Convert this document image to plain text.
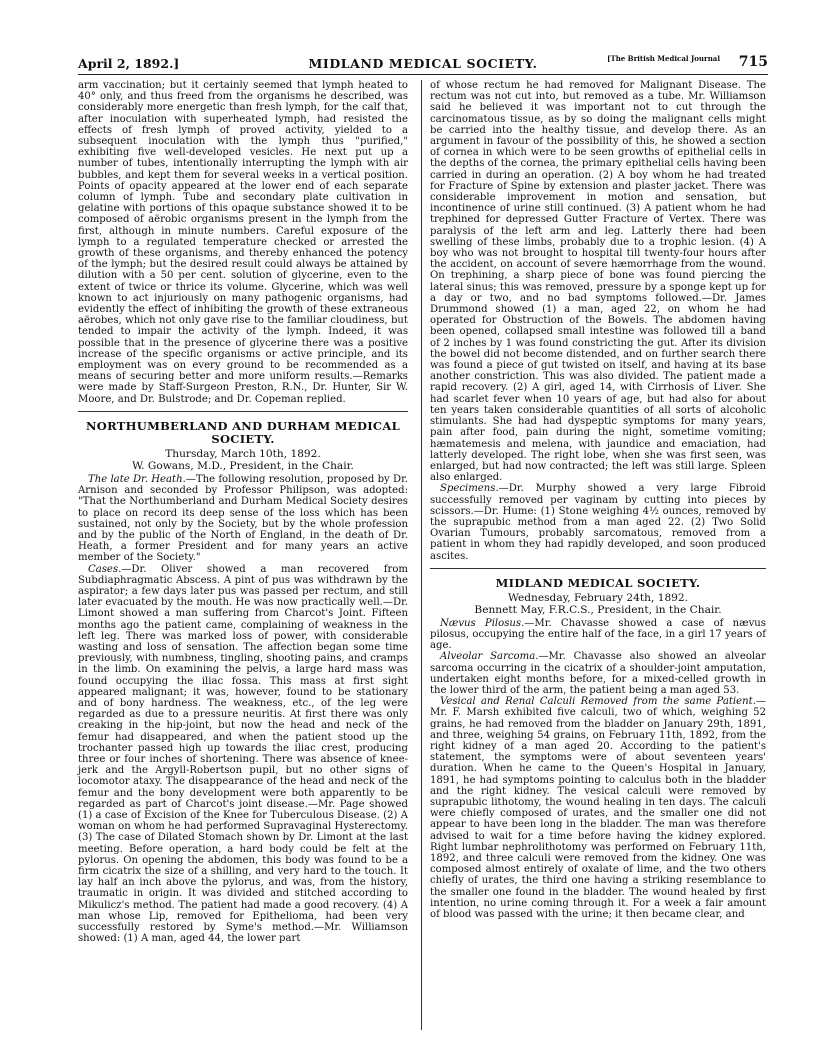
April 2, 1892.]	MIDLAND MEDICAL SOCIETY.	[The British Medical Journal 715

arm vaccination; but it certainly seemed that lymph heated to 40° only, and thus freed from the organisms he described, was considerably more energetic than fresh lymph, for the calf that, after inoculation with superheated lymph, had resisted the effects of fresh lymph of proved activity, yielded to a subsequent inoculation with the lymph thus "purified," exhibiting five well-developed vesicles. He next put up a number of tubes, intentionally interrupting the lymph with air bubbles, and kept them for several weeks in a vertical position. Points of opacity appeared at the lower end of each separate column of lymph. Tube and secondary plate cultivation in gelatine with portions of this opaque substance showed it to be composed of aërobic organisms present in the lymph from the first, although in minute numbers. Careful exposure of the lymph to a regulated temperature checked or arrested the growth of these organisms, and thereby enhanced the potency of the lymph; but the desired result could always be attained by dilution with a 50 per cent. solution of glycerine, even to the extent of twice or thrice its volume. Glycerine, which was well known to act injuriously on many pathogenic organisms, had evidently the effect of inhibiting the growth of these extraneous aërobes, which not only gave rise to the familiar cloudiness, but tended to impair the activity of the lymph. Indeed, it was possible that in the presence of glycerine there was a positive increase of the specific organisms or active principle, and its employment was on every ground to be recommended as a means of securing better and more uniform results.—Remarks were made by Staff-Surgeon Preston, R.N., Dr. Hunter, Sir W. Moore, and Dr. Bulstrode; and Dr. Copeman replied.

NORTHUMBERLAND AND DURHAM MEDICAL SOCIETY.
Thursday, March 10th, 1892.
W. Gowans, M.D., President, in the Chair.

The late Dr. Heath.—The following resolution, proposed by Dr. Arnison and seconded by Professor Philipson, was adopted: "That the Northumberland and Durham Medical Society desires to place on record its deep sense of the loss which has been sustained, not only by the Society, but by the whole profession and by the public of the North of England, in the death of Dr. Heath, a former President and for many years an active member of the Society."

Cases.—Dr. Oliver showed a man recovered from Subdiaphragmatic Abscess. A pint of pus was withdrawn by the aspirator; a few days later pus was passed per rectum, and still later evacuated by the mouth. He was now practically well.—Dr. Limont showed a man suffering from Charcot's Joint. Fifteen months ago the patient came, complaining of weakness in the left leg. There was marked loss of power, with considerable wasting and loss of sensation. The affection began some time previously, with numbness, tingling, shooting pains, and cramps in the limb. On examining the pelvis, a large hard mass was found occupying the iliac fossa. This mass at first sight appeared malignant; it was, however, found to be stationary and of bony hardness. The weakness, etc., of the leg were regarded as due to a pressure neuritis. At first there was only creaking in the hip-joint, but now the head and neck of the femur had disappeared, and when the patient stood up the trochanter passed high up towards the iliac crest, producing three or four inches of shortening. There was absence of knee-jerk and the Argyll-Robertson pupil, but no other signs of locomotor ataxy. The disappearance of the head and neck of the femur and the bony development were both apparently to be regarded as part of Charcot's joint disease.—Mr. Page showed (1) a case of Excision of the Knee for Tuberculous Disease. (2) A woman on whom he had performed Supravaginal Hysterectomy. (3) The case of Dilated Stomach shown by Dr. Limont at the last meeting. Before operation, a hard body could be felt at the pylorus. On opening the abdomen, this body was found to be a firm cicatrix the size of a shilling, and very hard to the touch. It lay half an inch above the pylorus, and was, from the history, traumatic in origin. It was divided and stitched according to Mikulicz's method. The patient had made a good recovery. (4) A man whose Lip, removed for Epithelioma, had been very successfully restored by Syme's method.—Mr. Williamson showed: (1) A man, aged 44, the lower part

of whose rectum he had removed for Malignant Disease. The rectum was not cut into, but removed as a tube. Mr. Williamson said he believed it was important not to cut through the carcinomatous tissue, as by so doing the malignant cells might be carried into the healthy tissue, and develop there. As an argument in favour of the possibility of this, he showed a section of cornea in which were to be seen growths of epithelial cells in the depths of the cornea, the primary epithelial cells having been carried in during an operation. (2) A boy whom he had treated for Fracture of Spine by extension and plaster jacket. There was considerable improvement in motion and sensation, but incontinence of urine still continued. (3) A patient whom he had trephined for depressed Gutter Fracture of Vertex. There was paralysis of the left arm and leg. Latterly there had been swelling of these limbs, probably due to a trophic lesion. (4) A boy who was not brought to hospital till twenty-four hours after the accident, on account of severe hæmorrhage from the wound. On trephining, a sharp piece of bone was found piercing the lateral sinus; this was removed, pressure by a sponge kept up for a day or two, and no bad symptoms followed.—Dr. James Drummond showed (1) a man, aged 22, on whom he had operated for Obstruction of the Bowels. The abdomen having been opened, collapsed small intestine was followed till a band of 2 inches by 1 was found constricting the gut. After its division the bowel did not become distended, and on further search there was found a piece of gut twisted on itself, and having at its base another constriction. This was also divided. The patient made a rapid recovery. (2) A girl, aged 14, with Cirrhosis of Liver. She had scarlet fever when 10 years of age, but had also for about ten years taken considerable quantities of all sorts of alcoholic stimulants. She had had dyspeptic symptoms for many years, pain after food, pain during the night, sometime vomiting; hæmatemesis and melena, with jaundice and emaciation, had latterly developed. The right lobe, when she was first seen, was enlarged, but had now contracted; the left was still large. Spleen also enlarged.

Specimens.—Dr. Murphy showed a very large Fibroid successfully removed per vaginam by cutting into pieces by scissors.—Dr. Hume: (1) Stone weighing 4½ ounces, removed by the suprapubic method from a man aged 22. (2) Two Solid Ovarian Tumours, probably sarcomatous, removed from a patient in whom they had rapidly developed, and soon produced ascites.

MIDLAND MEDICAL SOCIETY.
Wednesday, February 24th, 1892.
Bennett May, F.R.C.S., President, in the Chair.

Nævus Pilosus.—Mr. Chavasse showed a case of nævus pilosus, occupying the entire half of the face, in a girl 17 years of age.

Alveolar Sarcoma.—Mr. Chavasse also showed an alveolar sarcoma occurring in the cicatrix of a shoulder-joint amputation, undertaken eight months before, for a mixed-celled growth in the lower third of the arm, the patient being a man aged 53.

Vesical and Renal Calculi Removed from the same Patient.—Mr. F. Marsh exhibited five calculi, two of which, weighing 52 grains, he had removed from the bladder on January 29th, 1891, and three, weighing 54 grains, on February 11th, 1892, from the right kidney of a man aged 20. According to the patient's statement, the symptoms were of about seventeen years' duration. When he came to the Queen's Hospital in January, 1891, he had symptoms pointing to calculus both in the bladder and the right kidney. The vesical calculi were removed by suprapubic lithotomy, the wound healing in ten days. The calculi were chiefly composed of urates, and the smaller one did not appear to have been long in the bladder. The man was therefore advised to wait for a time before having the kidney explored. Right lumbar nephrolithotomy was performed on February 11th, 1892, and three calculi were removed from the kidney. One was composed almost entirely of oxalate of lime, and the two others chiefly of urates, the third one having a striking resemblance to the smaller one found in the bladder. The wound healed by first intention, no urine coming through it. For a week a fair amount of blood was passed with the urine; it then became clear, and
